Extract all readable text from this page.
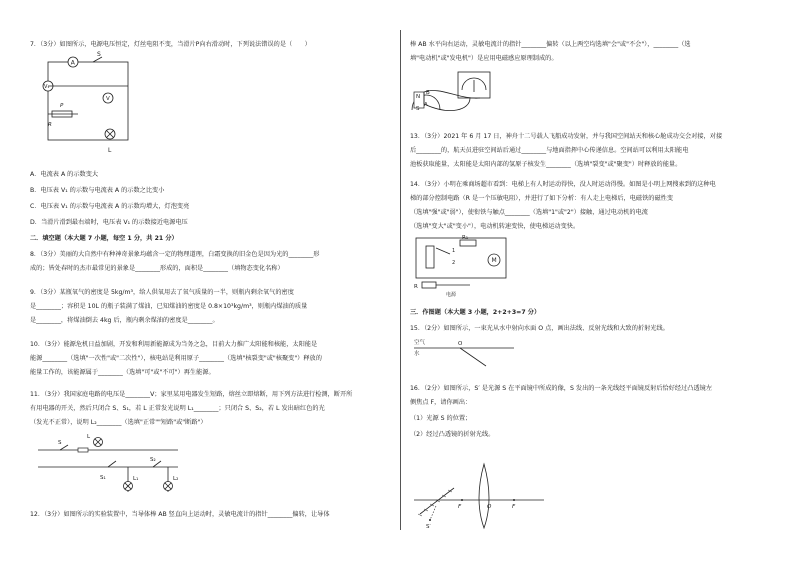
7．（3分）如图所示，电源电压恒定，灯丝电阻不变，当滑片P向右滑动时，下列说法错误的是（　　）
A
S
V₁
V
P
R
L
A．电流表 A 的示数变大
B．电压表 V₁ 的示数与电流表 A 的示数之比变小
C．电压表 V₁ 的示数与电流表 A 的示数均增大，灯泡变亮
D．当滑片滑到最右端时，电压表 V₁ 的示数接近电源电压
二．填空题（本大题 7 小题，每空 1 分，共 21 分）
8．（3分）美丽的大自然中有种神奇景象均蕴含一定的物理道理，白霜变换的旧金色是因为光的________形
成的；皆处春时的杰市最常见的景象是________形成的，面积是________（填物态变化名称）
9．（3分）某瓶氧气的密度是 5kg/m³，给人供氧用去了氧气质量的一半，则瓶内剩余氧气的密度
是________；容积是 10L 的瓶子装满了煤油，已知煤油的密度是 0.8×10³kg/m³，则瓶内煤油的质量
是________，将煤油倒去 4kg 后，瓶内剩余煤油的密度是________。
10．（3分）能源危机日益加剧，开发和利用新能源成为当务之急，目前大力推广太阳能和核能，太阳能是
能源________（选填"一次性"或"二次性"），核电站是利用原子________（选填"核裂变"或"核聚变"）释放的
能量工作的，该能源属于________（选填"可"或"不可"）再生能源。
11．（3分）我国家庭电路的电压是________V；家里某用电器发生短路，熔丝立即熔断，用下列方法进行检测，断开所
有用电器的开关，然后只闭合 S、S₁，若 L 正常发光说明 L₁________；只闭合 S、S₂，若 L 发出暗红色的光
（发光不正常），说明 L₂________（选填"正常""短路"或"断路"）
L
S
S₁
S₂
L₁	L₂
12．（3分）如图所示的实验装置中，当导体棒 AB 竖直向上运动时，灵敏电流计的指针________偏转，让导体
棒 AB 水平向右运动，灵敏电流计的指针________偏转（以上两空均选填"会"或"不会"），________（选
填"电动机"或"发电机"）是应用电磁感应原理制成的。
N
B
A
S
13．（3分）2021 年 6 月 17 日，神舟十二号载人飞船成功发射，并与我国空间站天和核心舱成功交会对接，对接
后________的，航天员进驻空间站后通过________与地面指挥中心传递信息。空间站可以利用太阳能电
池板获取能量，太阳能是太阳内部的氢原子核发生________（选填"裂变"或"聚变"）时释放的能量。
14．（3分）小明在乘商场超市看到：电梯上有人时运动得快，没人时运动得慢。如图是小明上网搜索到的这种电
梯的部分控制电路（R 是一个压敏电阻），并进行了如下分析：有人走上电梯后，电磁铁的磁性变
（选填"强"或"弱"），使衔铁与触点________（选填"1"或"2"）接触，通过电动机的电流
（选填"变大"或"变小"），电动机转速变快，使电梯运动变快。
R₁
1
2	M
R
电源
三．作图题（本大题 3 小题，2+2+3=7 分）
15．（2分）如图所示，一束光从水中射向水面 O 点，画出法线、反射光线和大致的折射光线。
空气
水
O
16．（2分）如图所示，S′ 是光源 S 在平面镜中所成的像，S 发出的一条光线经平面镜反射后恰好经过凸透镜左
侧焦点 F，请你画出：
（1）光源 S 的位置；
（2）经过凸透镜的折射光线。
F	O	F
S′
